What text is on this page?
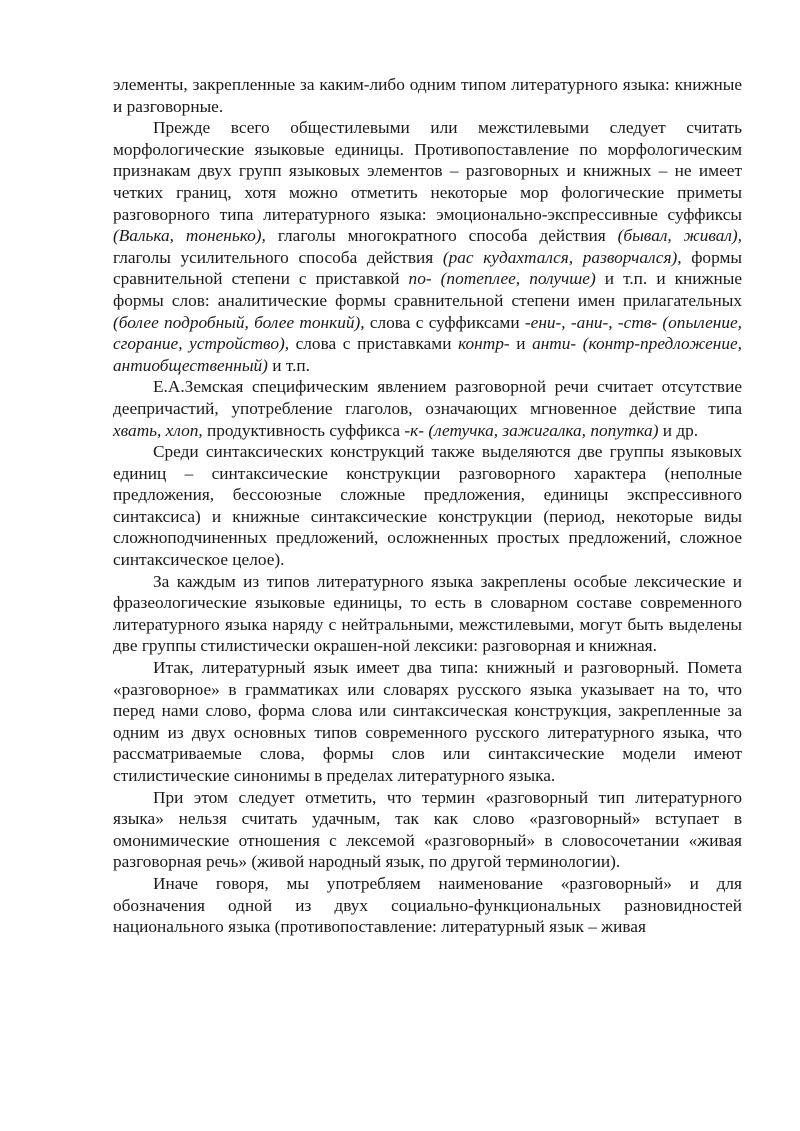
элементы, закрепленные за каким-либо одним типом литературного языка: книжные и разговорные.

Прежде всего общестилевыми или межстилевыми следует считать морфологические языковые единицы. Противопоставление по морфологическим признакам двух групп языковых элементов – разговорных и книжных – не имеет четких границ, хотя можно отметить некоторые мор фологические приметы разговорного типа литературного языка: эмоционально-экспрессивные суффиксы (Валька, тоненько), глаголы многократного способа действия (бывал, живал), глаголы усилительного способа действия (рас кудахтался, разворчался), формы сравнительной степени с приставкой по- (потеплее, получше) и т.п. и книжные формы слов: аналитические формы сравнительной степени имен прилагательных (более подробный, более тонкий), слова с суффиксами -ени-, -ани-, -ств- (опыление, сгорание, устройство), слова с приставками контр- и анти- (контр-предложение, антиобщественный) и т.п.

Е.А.Земская специфическим явлением разговорной речи считает отсутствие деепричастий, употребление глаголов, означающих мгновенное действие типа хвать, хлоп, продуктивность суффикса -к- (летучка, зажигалка, попутка) и др.

Среди синтаксических конструкций также выделяются две группы языковых единиц – синтаксические конструкции разговорного характера (неполные предложения, бессоюзные сложные предложения, единицы экспрессивного синтаксиса) и книжные синтаксические конструкции (период, некоторые виды сложноподчиненных предложений, осложненных простых предложений, сложное синтаксическое целое).

За каждым из типов литературного языка закреплены особые лексические и фразеологические языковые единицы, то есть в словарном составе современного литературного языка наряду с нейтральными, межстилевыми, могут быть выделены две группы стилистически окрашен-ной лексики: разговорная и книжная.

Итак, литературный язык имеет два типа: книжный и разговорный. Помета «разговорное» в грамматиках или словарях русского языка указывает на то, что перед нами слово, форма слова или синтаксическая конструкция, закрепленные за одним из двух основных типов современного русского литературного языка, что рассматриваемые слова, формы слов или синтаксические модели имеют стилистические синонимы в пределах литературного языка.

При этом следует отметить, что термин «разговорный тип литературного языка» нельзя считать удачным, так как слово «разговорный» вступает в омонимические отношения с лексемой «разговорный» в словосочетании «живая разговорная речь» (живой народный язык, по другой терминологии).

Иначе говоря, мы употребляем наименование «разговорный» и для обозначения одной из двух социально-функциональных разновидностей национального языка (противопоставление: литературный язык – живая
